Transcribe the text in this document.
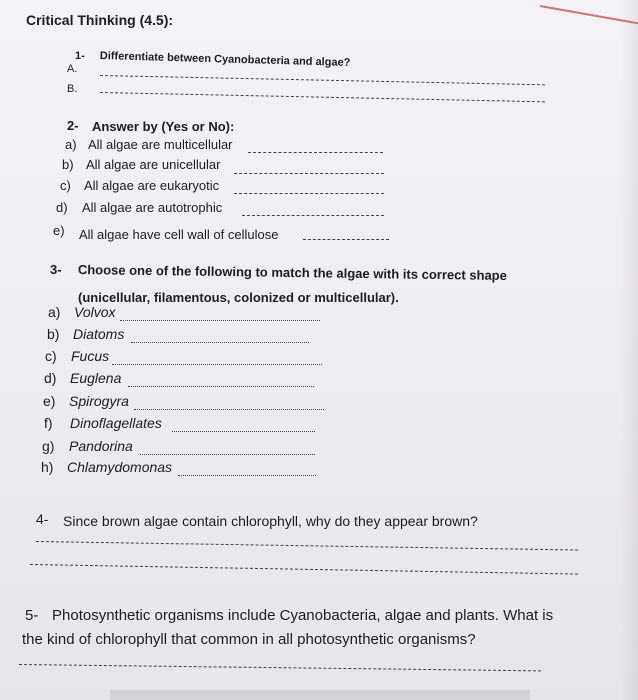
Critical Thinking (4.5):
1- Differentiate between Cyanobacteria and algae?
A.
B.
2- Answer by (Yes or No):
a) All algae are multicellular
b) All algae are unicellular
c) All algae are eukaryotic
d) All algae are autotrophic
e) All algae have cell wall of cellulose
3- Choose one of the following to match the algae with its correct shape
(unicellular, filamentous, colonized or multicellular).
a) Volvox
b) Diatoms
c) Fucus
d) Euglena
e) Spirogyra
f) Dinoflagellates
g) Pandorina
h) Chlamydomonas
4- Since brown algae contain chlorophyll, why do they appear brown?
5- Photosynthetic organisms include Cyanobacteria, algae and plants. What is
the kind of chlorophyll that common in all photosynthetic organisms?
